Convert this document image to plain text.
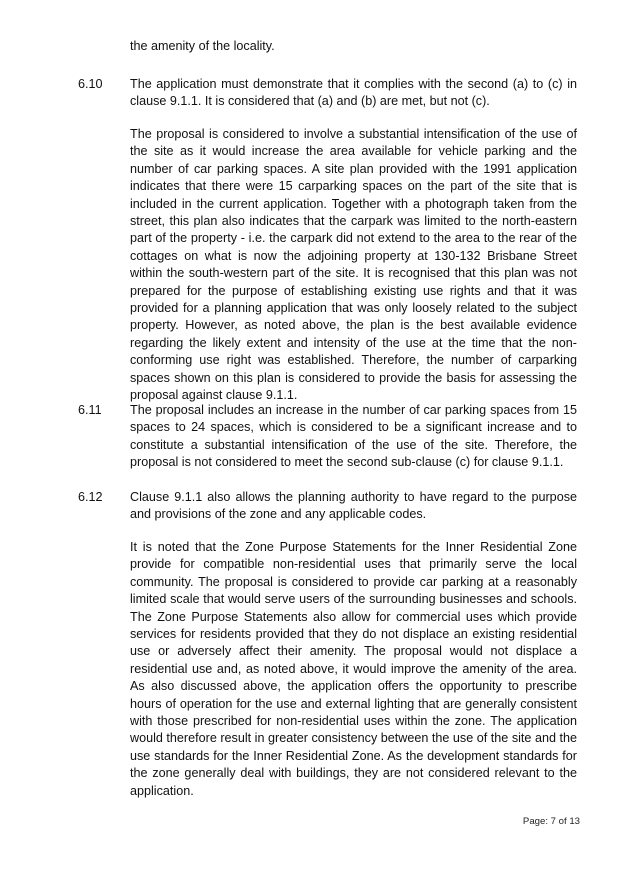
the amenity of the locality.
6.10 The application must demonstrate that it complies with the second (a) to (c) in clause 9.1.1. It is considered that (a) and (b) are met, but not (c).
The proposal is considered to involve a substantial intensification of the use of the site as it would increase the area available for vehicle parking and the number of car parking spaces. A site plan provided with the 1991 application indicates that there were 15 carparking spaces on the part of the site that is included in the current application. Together with a photograph taken from the street, this plan also indicates that the carpark was limited to the north-eastern part of the property - i.e. the carpark did not extend to the area to the rear of the cottages on what is now the adjoining property at 130-132 Brisbane Street within the south-western part of the site. It is recognised that this plan was not prepared for the purpose of establishing existing use rights and that it was provided for a planning application that was only loosely related to the subject property. However, as noted above, the plan is the best available evidence regarding the likely extent and intensity of the use at the time that the non-conforming use right was established. Therefore, the number of carparking spaces shown on this plan is considered to provide the basis for assessing the proposal against clause 9.1.1.
6.11 The proposal includes an increase in the number of car parking spaces from 15 spaces to 24 spaces, which is considered to be a significant increase and to constitute a substantial intensification of the use of the site. Therefore, the proposal is not considered to meet the second sub-clause (c) for clause 9.1.1.
6.12 Clause 9.1.1 also allows the planning authority to have regard to the purpose and provisions of the zone and any applicable codes.
It is noted that the Zone Purpose Statements for the Inner Residential Zone provide for compatible non-residential uses that primarily serve the local community. The proposal is considered to provide car parking at a reasonably limited scale that would serve users of the surrounding businesses and schools. The Zone Purpose Statements also allow for commercial uses which provide services for residents provided that they do not displace an existing residential use or adversely affect their amenity. The proposal would not displace a residential use and, as noted above, it would improve the amenity of the area. As also discussed above, the application offers the opportunity to prescribe hours of operation for the use and external lighting that are generally consistent with those prescribed for non-residential uses within the zone. The application would therefore result in greater consistency between the use of the site and the use standards for the Inner Residential Zone. As the development standards for the zone generally deal with buildings, they are not considered relevant to the application.
Page: 7 of 13
